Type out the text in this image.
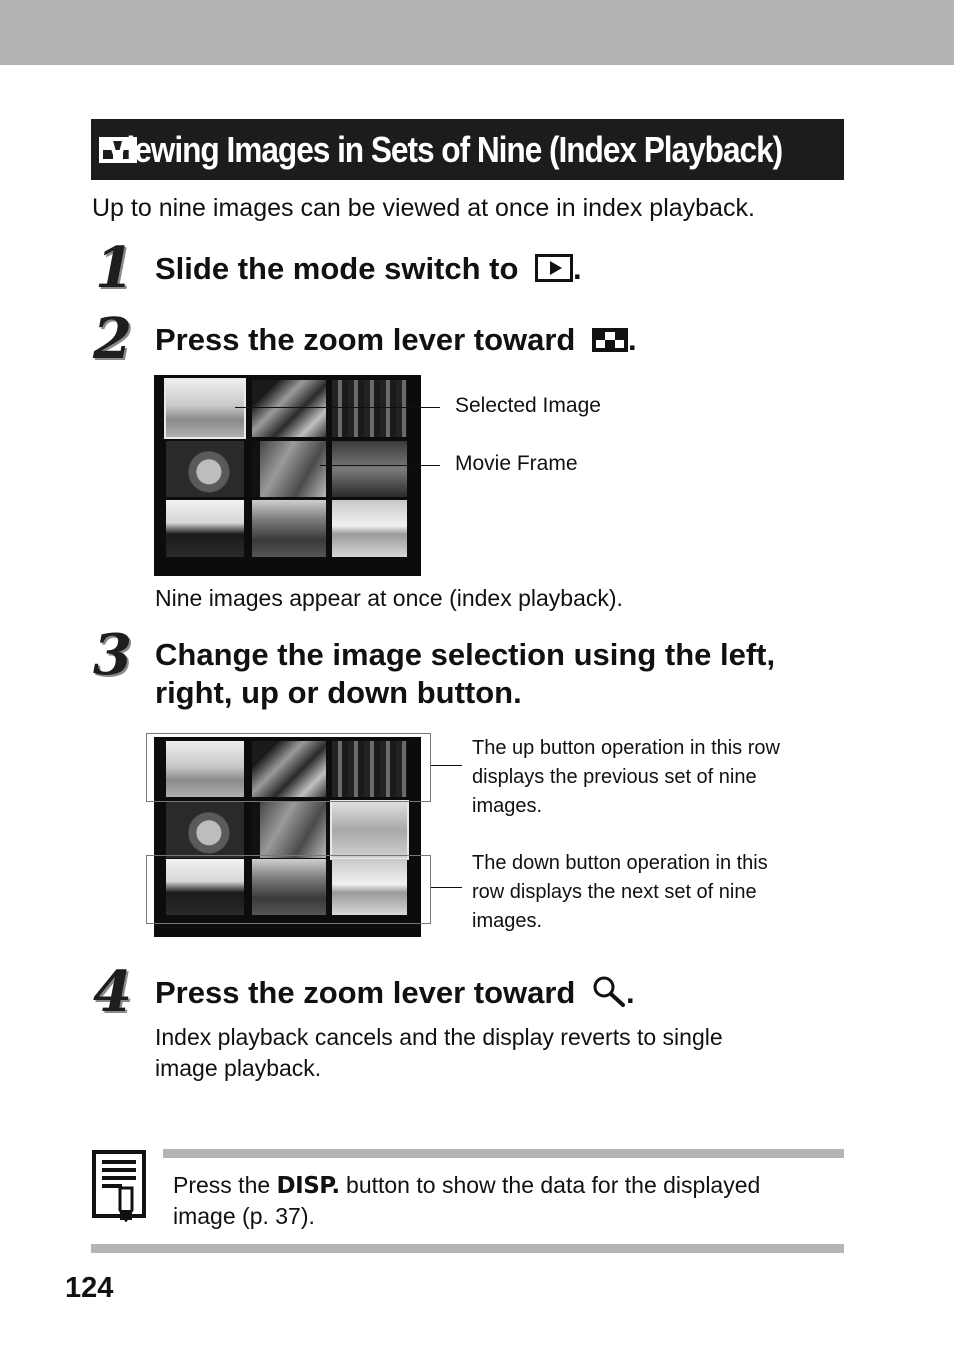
Viewing Images in Sets of Nine (Index Playback)
Up to nine images can be viewed at once in index playback.
1 Slide the mode switch to .
2 Press the zoom lever toward
.
Selected Image
Movie Frame
Nine images appear at once (index playback).
3 Change the image selection using the left,
right, up or down button.
The up button operation in this row
displays the previous set of nine
images.
The down button operation in this
row displays the next set of nine
images.
4 Press the zoom lever toward .
Index playback cancels and the display reverts to single
image playback.
Press the DISP. button to show the data for the displayed
image (p. 37).
124
